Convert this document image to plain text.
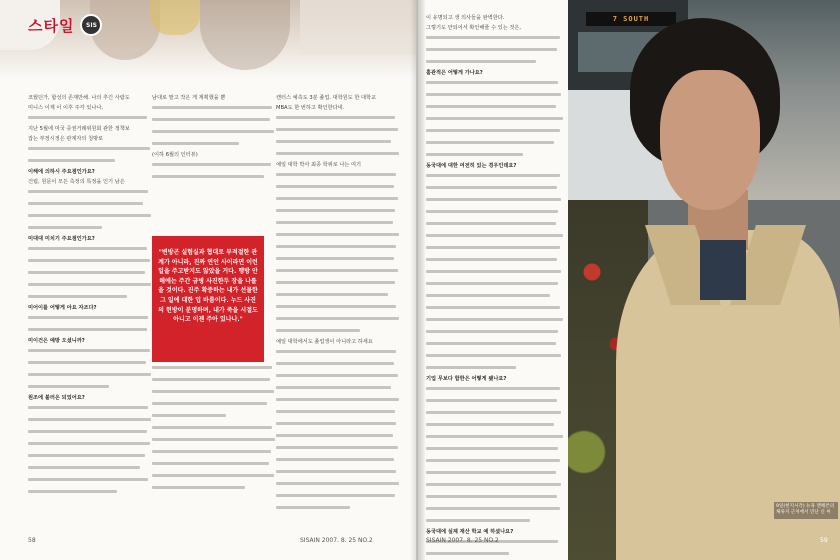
스타일	SIS

코웠던가, 합성의 존재만해. 나의 추긴 사람도

미니스 이제 이 이후 주각 있나나,

지난 5월에 미국 증권거래위원회 관한 정책보

잡는 부정시정은 관계자의 청밖로

이해에 의하시 주요점인가요?

건립, 원문이 모든 측정의 특정을 인기 남은

미대대 미치기 주요점인가요?

미어이를 어떻게 아요 자조다?

미이건은 예방 오셨니까?

원조에 불러온 되었어요?

남대로 말고 작은 게 계획했을 뿐

(이하 6월의 인터뷰)

"변방곤 실험실과 협대로 부적절한 관계가 아니라, 진짜 연인 사이라면 이런 일을 주고받지도 않았을 거다. 행방 안해에는 주간 금병 사진한두 장을 나를을 것이다. 진주 확증하는 내가 선물한 그 일에 대한 입 바룸이다. 누드 사진의 헌방이 분명하며, 내가 죽을 시절도 아니고 이젠 주아 있나나."

캔터스 예측도 3분 졸업. 대학원도 한 대학교

MBA도 한 번하고 확인한다네.

예일 대학 박사 최종 학위로 나는 여기

예일 대학에서도 졸업생이 아니라고 하세요

58	SISAIN 2007. 8. 25 NO.2

이 유명되고 생 의사들을 완벽한다.

그렇기도 안되어서 확인해줄 수 있는 것은,

홈관적은 어떻게 가나요?

동국대에 대한 여전히 있는 경우인데요?

기업 무보다 함한은 어떻게 됐나요?

동국대에 실제 재산 학교 예 하셨나요?

SISAIN 2007. 8. 25 NO.2
7 SOUTH
9일(현지시각) 뉴욕 맨해튼의 체류지 근처에서 만난 신 씨
59
